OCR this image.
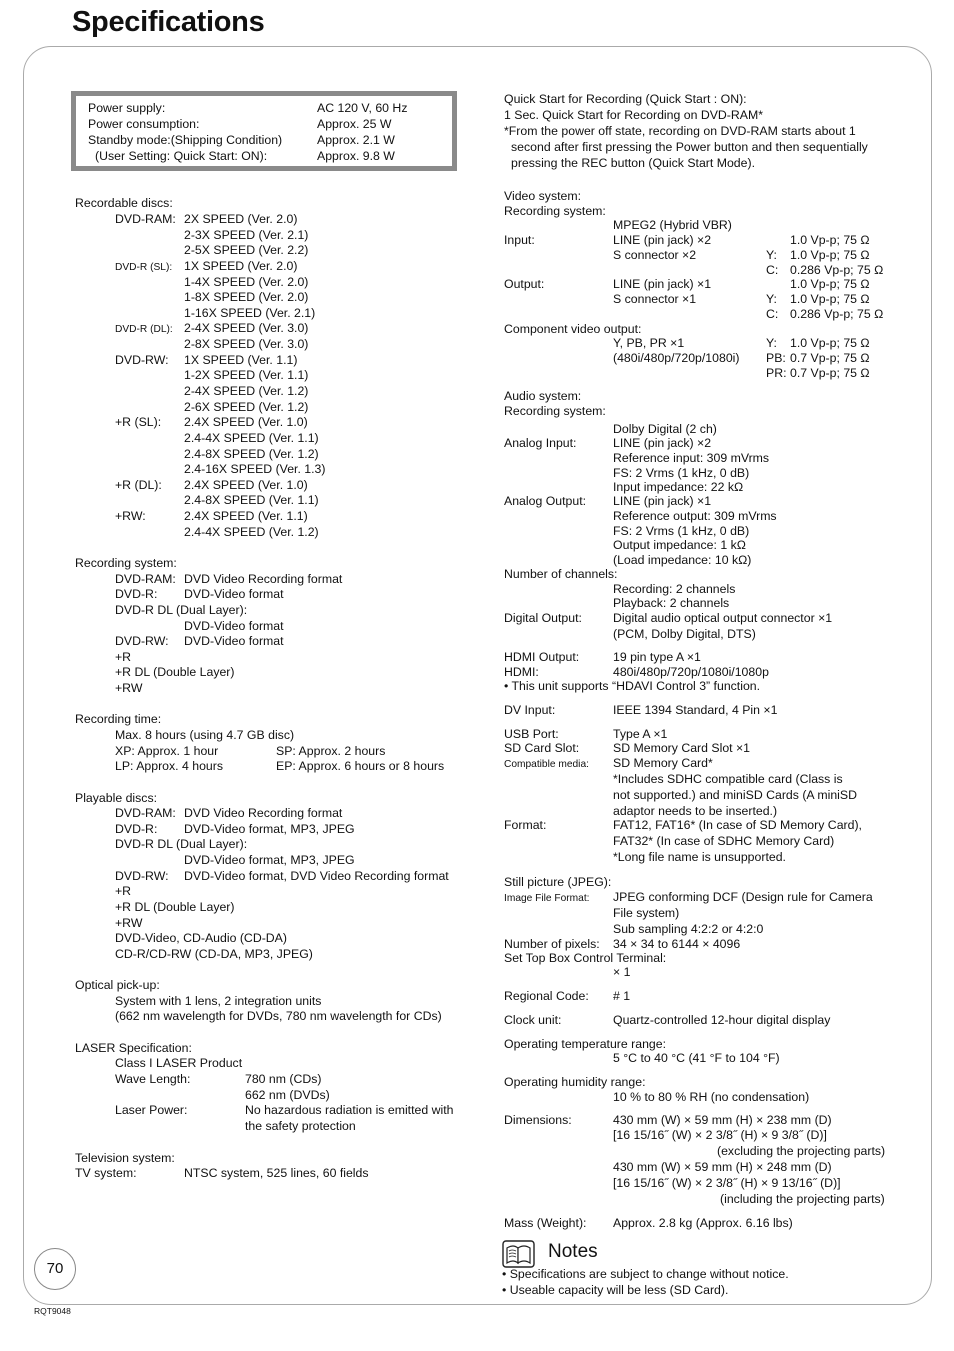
Specifications
Power supply:	AC 120 V, 60 Hz
Power consumption:	Approx. 25 W
Standby mode:(Shipping Condition)	Approx. 2.1 W
(User Setting: Quick Start: ON):	Approx. 9.8 W
Recordable discs:
DVD-RAM: 2X SPEED (Ver. 2.0)
2-3X SPEED (Ver. 2.1)
2-5X SPEED (Ver. 2.2)
DVD-R (SL): 1X SPEED (Ver. 2.0)
1-4X SPEED (Ver. 2.0)
1-8X SPEED (Ver. 2.0)
1-16X SPEED (Ver. 2.1)
DVD-R (DL): 2-4X SPEED (Ver. 3.0)
2-8X SPEED (Ver. 3.0)
DVD-RW: 1X SPEED (Ver. 1.1)
1-2X SPEED (Ver. 1.1)
2-4X SPEED (Ver. 1.2)
2-6X SPEED (Ver. 1.2)
+R (SL): 2.4X SPEED (Ver. 1.0)
2.4-4X SPEED (Ver. 1.1)
2.4-8X SPEED (Ver. 1.2)
2.4-16X SPEED (Ver. 1.3)
+R (DL): 2.4X SPEED (Ver. 1.0)
2.4-8X SPEED (Ver. 1.1)
+RW:	2.4X SPEED (Ver. 1.1)
2.4-4X SPEED (Ver. 1.2)
Recording system:
DVD-RAM: DVD Video Recording format
DVD-R: DVD-Video format
DVD-R DL (Dual Layer):
DVD-Video format
DVD-RW: DVD-Video format
+R
+R DL (Double Layer)
+RW
Recording time:
Max. 8 hours (using 4.7 GB disc)
XP: Approx. 1 hour	SP: Approx. 2 hours
LP: Approx. 4 hours	EP: Approx. 6 hours or 8 hours
Playable discs:
DVD-RAM: DVD Video Recording format
DVD-R: DVD-Video format, MP3, JPEG
DVD-R DL (Dual Layer):
DVD-Video format, MP3, JPEG
DVD-RW: DVD-Video format, DVD Video Recording format
+R
+R DL (Double Layer)
+RW
DVD-Video, CD-Audio (CD-DA)
CD-R/CD-RW (CD-DA, MP3, JPEG)
Optical pick-up:
System with 1 lens, 2 integration units
(662 nm wavelength for DVDs, 780 nm wavelength for CDs)
LASER Specification:
Class I LASER Product
Wave Length:	780 nm (CDs)
662 nm (DVDs)
Laser Power:	No hazardous radiation is emitted with
the safety protection
Television system:
TV system:	NTSC system, 525 lines, 60 fields
Quick Start for Recording (Quick Start : ON):
1 Sec. Quick Start for Recording on DVD-RAM*
*From the power off state, recording on DVD-RAM starts about 1
second after first pressing the Power button and then sequentially
pressing the REC button (Quick Start Mode).
Video system:
Recording system:
MPEG2 (Hybrid VBR)
Input:	LINE (pin jack) ×2	1.0 Vp-p; 75 Ω
S connector ×2	Y: 1.0 Vp-p; 75 Ω
C: 0.286 Vp-p; 75 Ω
Output:	LINE (pin jack) ×1	1.0 Vp-p; 75 Ω
S connector ×1	Y: 1.0 Vp-p; 75 Ω
C: 0.286 Vp-p; 75 Ω
Component video output:
Y, PB, PR ×1	Y: 1.0 Vp-p; 75 Ω
(480i/480p/720p/1080i) PB: 0.7 Vp-p; 75 Ω
PR: 0.7 Vp-p; 75 Ω
Audio system:
Recording system:
Dolby Digital (2 ch)
Analog Input:	LINE (pin jack) ×2
Reference input: 309 mVrms
FS: 2 Vrms (1 kHz, 0 dB)
Input impedance: 22 kΩ
Analog Output: LINE (pin jack) ×1
Reference output: 309 mVrms
FS: 2 Vrms (1 kHz, 0 dB)
Output impedance: 1 kΩ
(Load impedance: 10 kΩ)
Number of channels:
Recording: 2 channels
Playback: 2 channels
Digital Output:	Digital audio optical output connector ×1
(PCM, Dolby Digital, DTS)
HDMI Output:	19 pin type A ×1
HDMI:	480i/480p/720p/1080i/1080p
• This unit supports “HDAVI Control 3” function.
DV Input:	IEEE 1394 Standard, 4 Pin ×1
USB Port:	Type A ×1
SD Card Slot:	SD Memory Card Slot ×1
Compatible media: SD Memory Card*
*Includes SDHC compatible card (Class is
not supported.) and miniSD Cards (A miniSD
adaptor needs to be inserted.)
Format:	FAT12, FAT16* (In case of SD Memory Card),
FAT32* (In case of SDHC Memory Card)
*Long file name is unsupported.
Still picture (JPEG):
Image File Format: JPEG conforming DCF (Design rule for Camera
File system)
Sub sampling 4:2:2 or 4:2:0
Number of pixels: 34 × 34 to 6144 × 4096
Set Top Box Control Terminal:
× 1
Regional Code: # 1
Clock unit:	Quartz-controlled 12-hour digital display
Operating temperature range:
5 °C to 40 °C (41 °F to 104 °F)
Operating humidity range:
10 % to 80 % RH (no condensation)
Dimensions:	430 mm (W) × 59 mm (H) × 238 mm (D)
[16 15/16˝ (W) × 2 3/8˝ (H) × 9 3/8˝ (D)]
(excluding the projecting parts)
430 mm (W) × 59 mm (H) × 248 mm (D)
[16 15/16˝ (W) × 2 3/8˝ (H) × 9 13/16˝ (D)]
(including the projecting parts)
Mass (Weight): Approx. 2.8 kg (Approx. 6.16 lbs)
• Specifications are subject to change without notice.
• Useable capacity will be less (SD Card).
Notes
70
RQT9048
